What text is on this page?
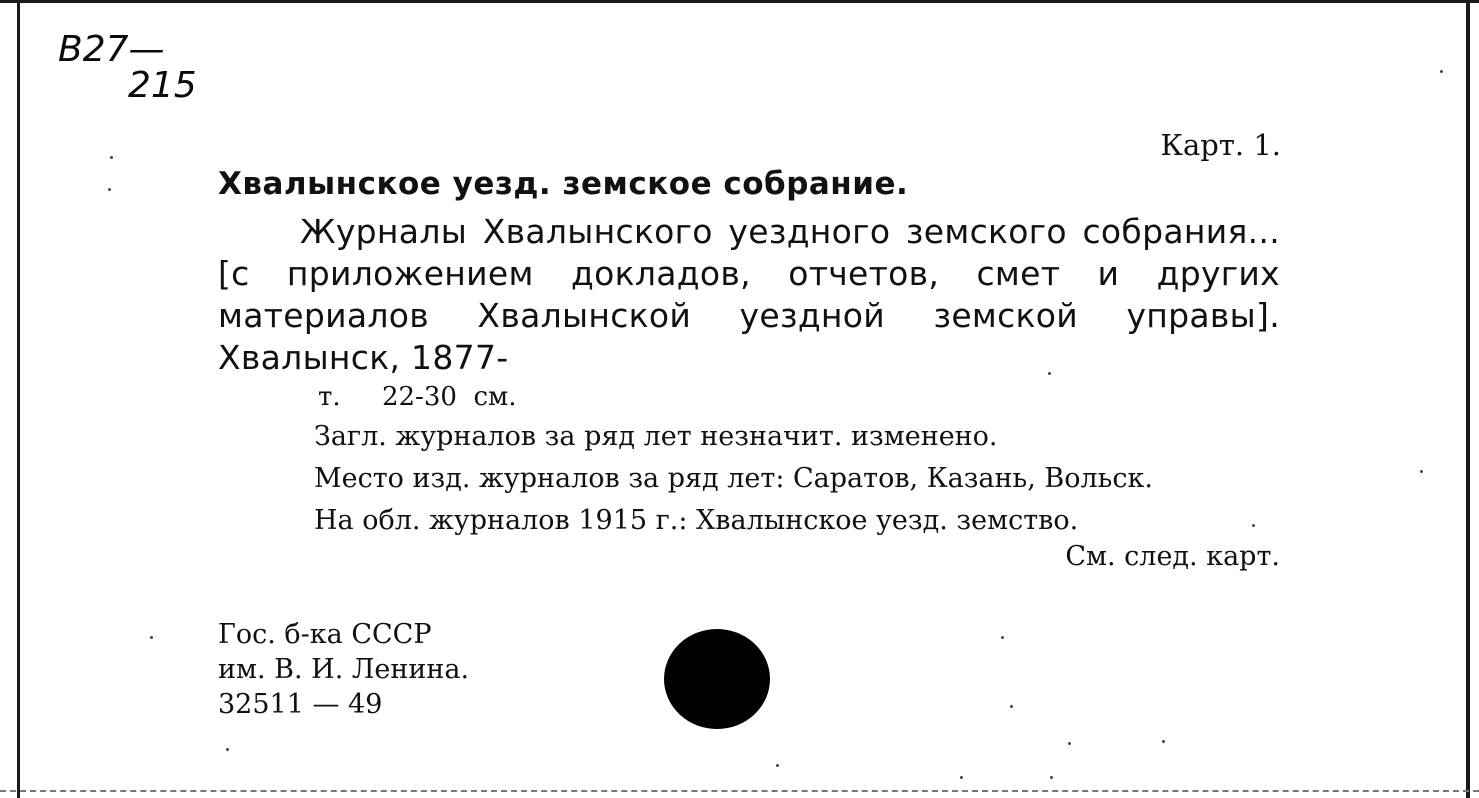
B27—
215
Карт. 1.

Хвалынское уезд. земское собрание.

Журналы Хвалынского уездного земского собрания... [с приложением докладов, отчетов, смет и других материалов Хвалынской уездной земской управы]. Хвалынск, 1877-

т.     22-30  см.

Загл. журналов за ряд лет незначит. изменено.

Место изд. журналов за ряд лет: Саратов, Казань, Вольск.

На обл. журналов 1915 г.: Хвалынское уезд. земство.

См. след. карт.

Гос. б-ка СССР
им. В. И. Ленина.
32511 — 49
